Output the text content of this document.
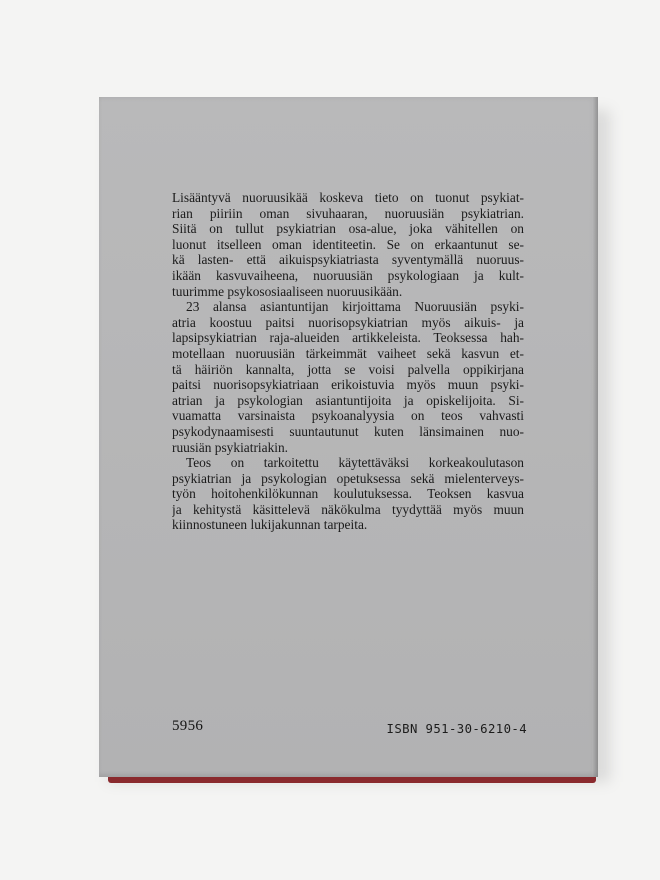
Lisääntyvä nuoruusikää koskeva tieto on tuonut psykiat-
rian piiriin oman sivuhaaran, nuoruusiän psykiatrian.
Siitä on tullut psykiatrian osa-alue, joka vähitellen on
luonut itselleen oman identiteetin. Se on erkaantunut se-
kä lasten- että aikuispsykiatriasta syventymällä nuoruus-
ikään kasvuvaiheena, nuoruusiän psykologiaan ja kult-
tuurimme psykososiaaliseen nuoruusikään.

23 alansa asiantuntijan kirjoittama Nuoruusiän psyki-
atria koostuu paitsi nuorisopsykiatrian myös aikuis- ja
lapsipsykiatrian raja-alueiden artikkeleista. Teoksessa hah-
motellaan nuoruusiän tärkeimmät vaiheet sekä kasvun et-
tä häiriön kannalta, jotta se voisi palvella oppikirjana
paitsi nuorisopsykiatriaan erikoistuvia myös muun psyki-
atrian ja psykologian asiantuntijoita ja opiskelijoita. Si-
vuamatta varsinaista psykoanalyysia on teos vahvasti
psykodynaamisesti suuntautunut kuten länsimainen nuo-
ruusiän psykiatriakin.

Teos on tarkoitettu käytettäväksi korkeakoulutason
psykiatrian ja psykologian opetuksessa sekä mielenterveys-
työn hoitohenkilökunnan koulutuksessa. Teoksen kasvua
ja kehitystä käsittelevä näkökulma tyydyttää myös muun
kiinnostuneen lukijakunnan tarpeita.

5956	ISBN 951-30-6210-4
